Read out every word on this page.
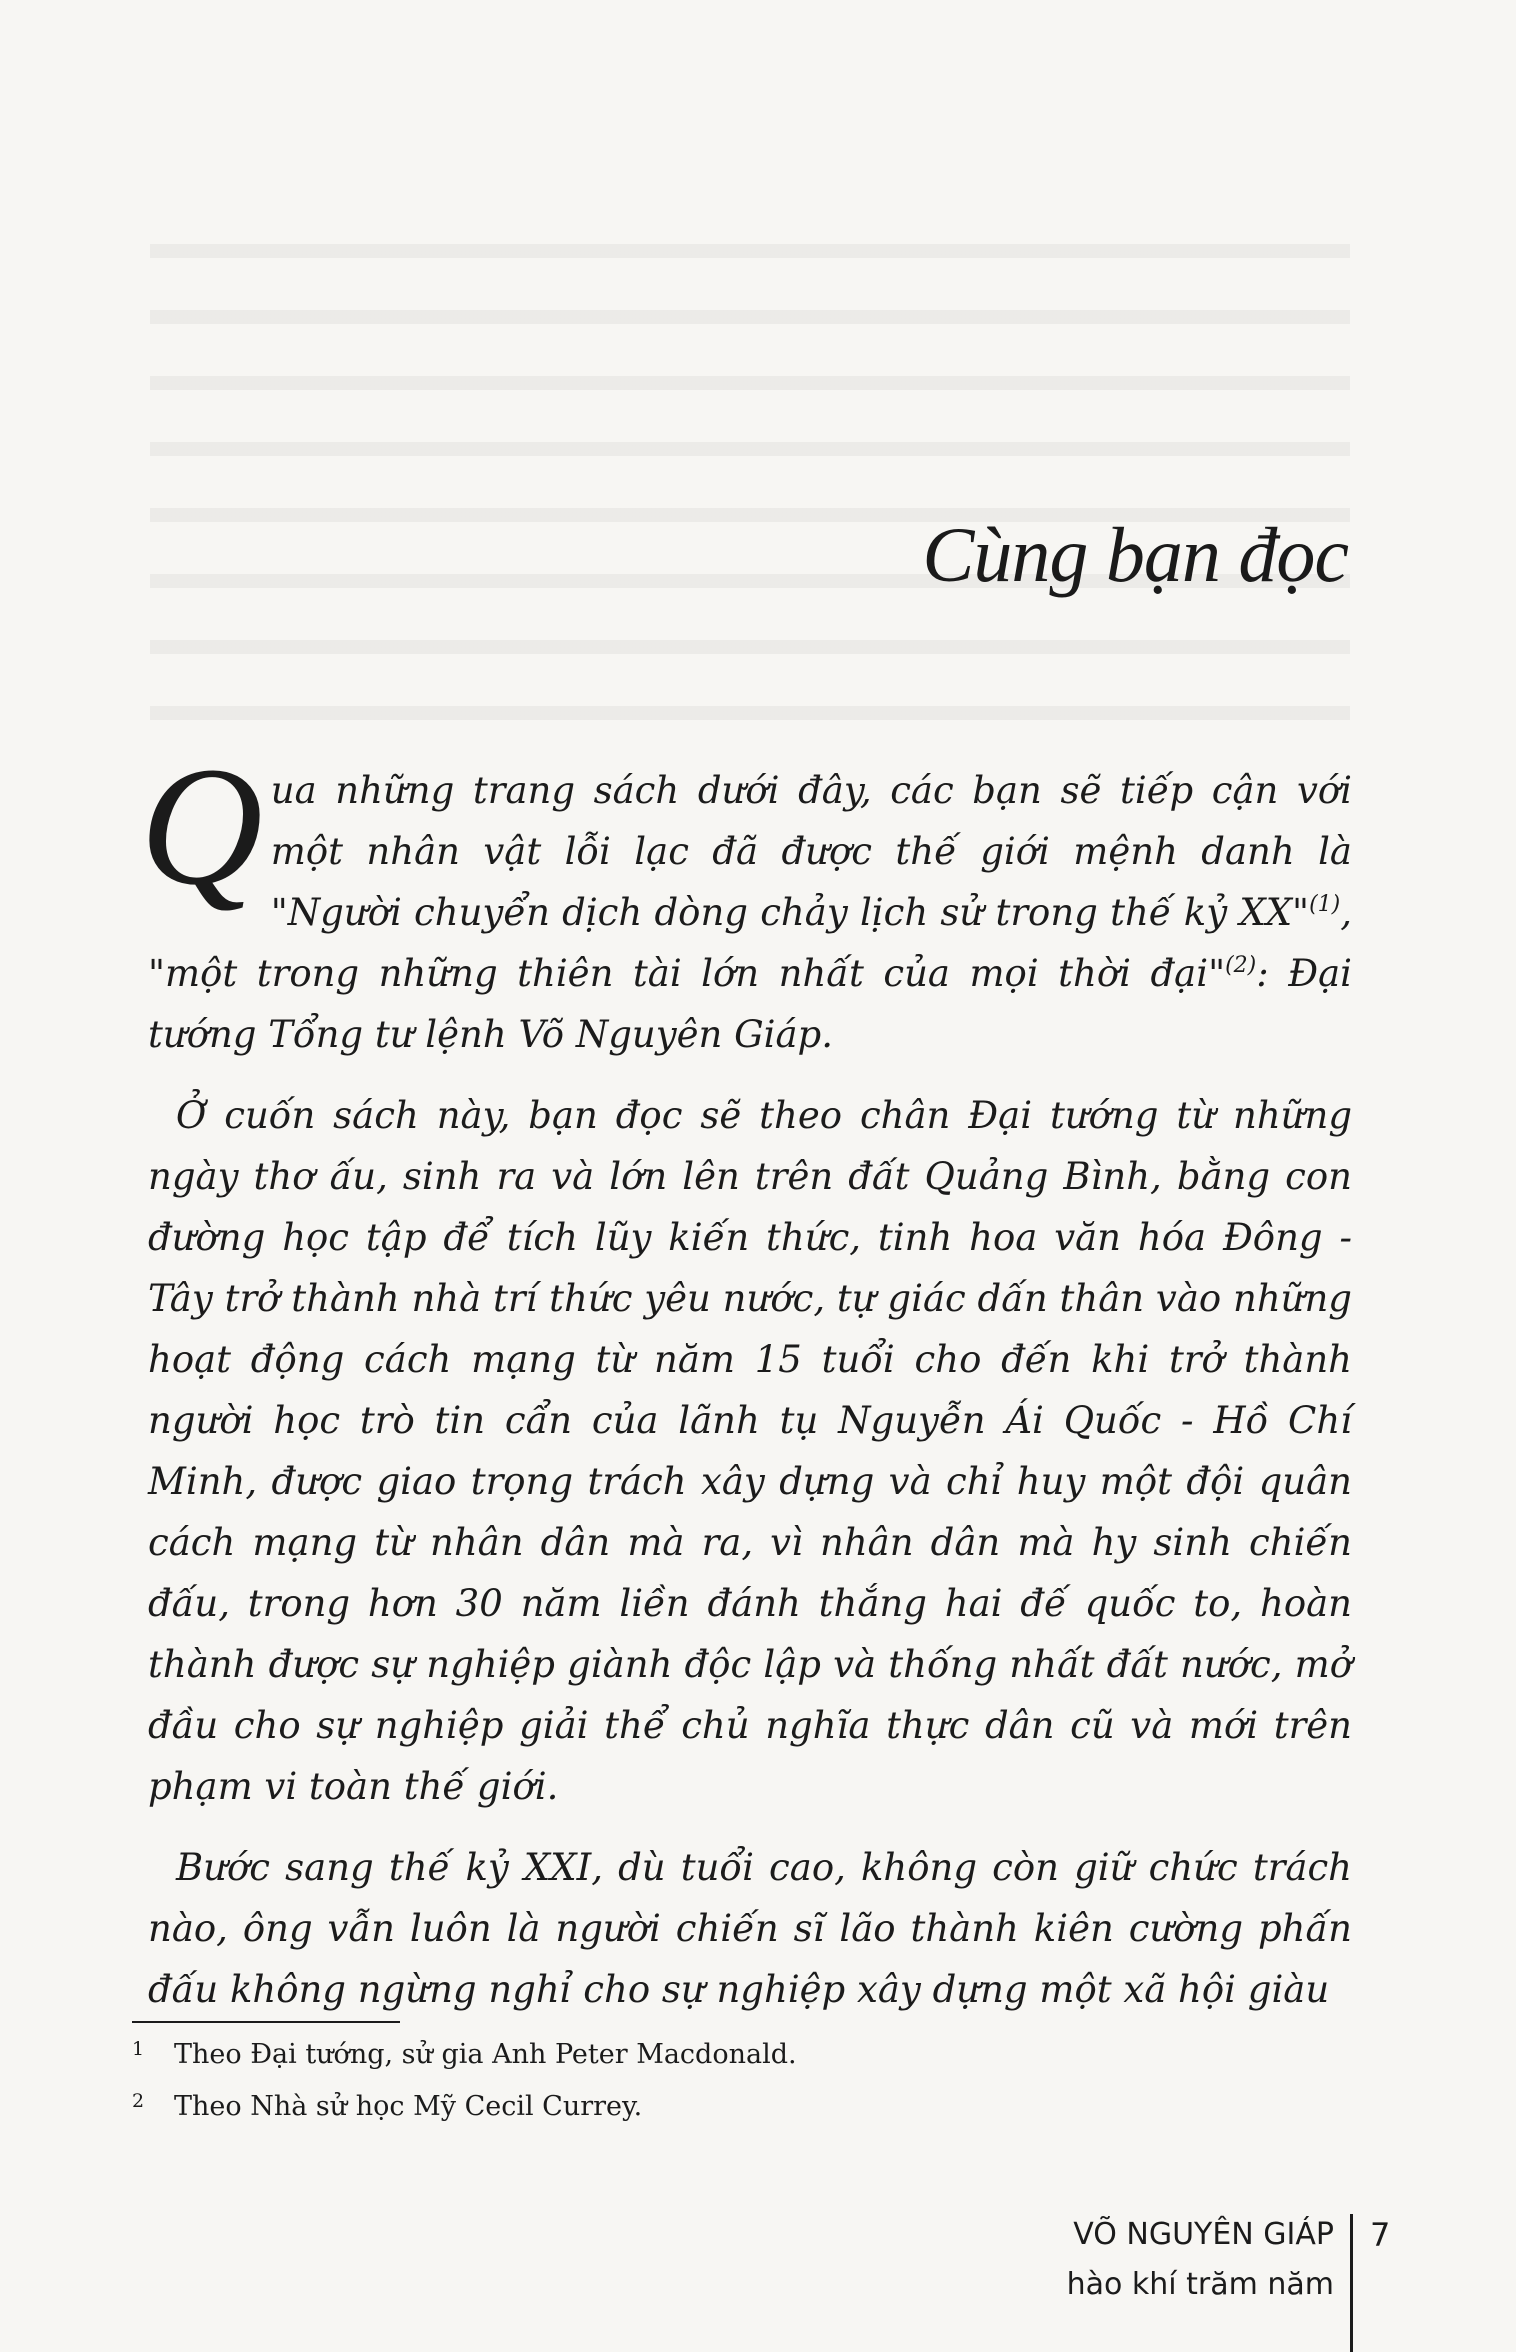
Cùng bạn đọc

Qua những trang sách dưới đây, các bạn sẽ tiếp cận với một nhân vật lỗi lạc đã được thế giới mệnh danh là "Người chuyển dịch dòng chảy lịch sử trong thế kỷ XX"$^{(1)}$, "một trong những thiên tài lớn nhất của mọi thời đại"$^{(2)}$: Đại tướng Tổng tư lệnh Võ Nguyên Giáp.

Ở cuốn sách này, bạn đọc sẽ theo chân Đại tướng từ những ngày thơ ấu, sinh ra và lớn lên trên đất Quảng Bình, bằng con đường học tập để tích lũy kiến thức, tinh hoa văn hóa Đông - Tây trở thành nhà trí thức yêu nước, tự giác dấn thân vào những hoạt động cách mạng từ năm 15 tuổi cho đến khi trở thành người học trò tin cẩn của lãnh tụ Nguyễn Ái Quốc - Hồ Chí Minh, được giao trọng trách xây dựng và chỉ huy một đội quân cách mạng từ nhân dân mà ra, vì nhân dân mà hy sinh chiến đấu, trong hơn 30 năm liền đánh thắng hai đế quốc to, hoàn thành được sự nghiệp giành độc lập và thống nhất đất nước, mở đầu cho sự nghiệp giải thể chủ nghĩa thực dân cũ và mới trên phạm vi toàn thế giới.

Bước sang thế kỷ XXI, dù tuổi cao, không còn giữ chức trách nào, ông vẫn luôn là người chiến sĩ lão thành kiên cường phấn đấu không ngừng nghỉ cho sự nghiệp xây dựng một xã hội giàu

1	Theo Đại tướng, sử gia Anh Peter Macdonald.
2	Theo Nhà sử học Mỹ Cecil Currey.
VÕ NGUYÊN GIÁP
hào khí trăm năm
7
